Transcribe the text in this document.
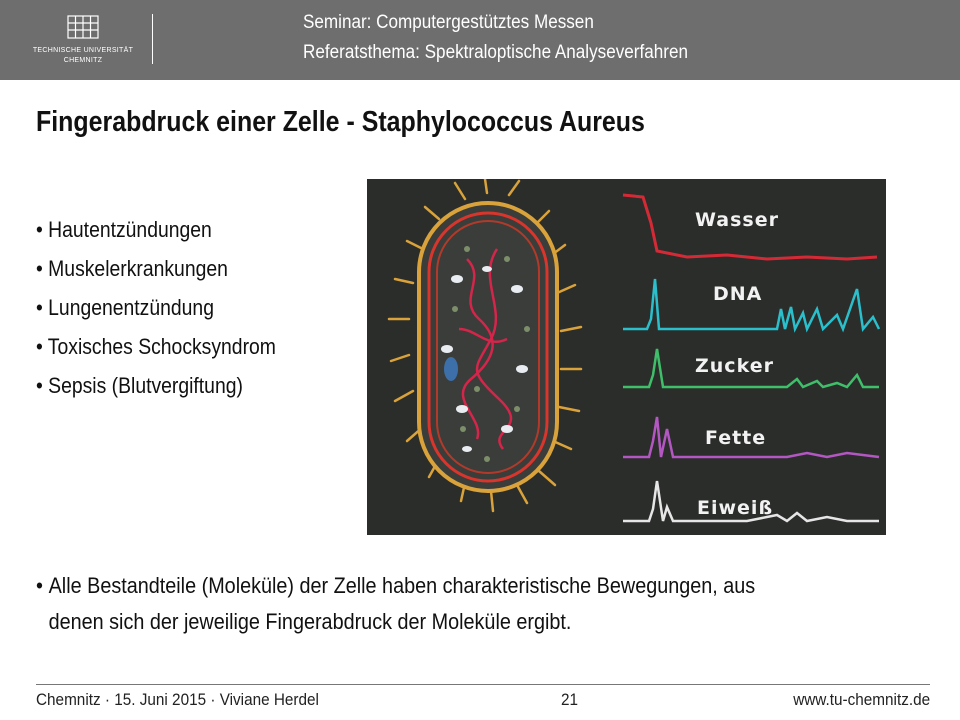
TECHNISCHE UNIVERSITÄT
CHEMNITZ
Seminar: Computergestütztes Messen
Referatsthema: Spektraloptische Analyseverfahren
Fingerabdruck einer Zelle - Staphylococcus Aureus
• Hautentzündungen
• Muskelerkrankungen
• Lungenentzündung
• Toxisches Schocksyndrom
• Sepsis (Blutvergiftung)
Wasser
DNA
Zucker
Fette
Eiweiß
• Alle Bestandteile (Moleküle) der Zelle haben charakteristische Bewegungen, aus
denen sich der jeweilige Fingerabdruck der Moleküle ergibt.
Chemnitz · 15. Juni 2015 · Viviane Herdel	21	www.tu-chemnitz.de
